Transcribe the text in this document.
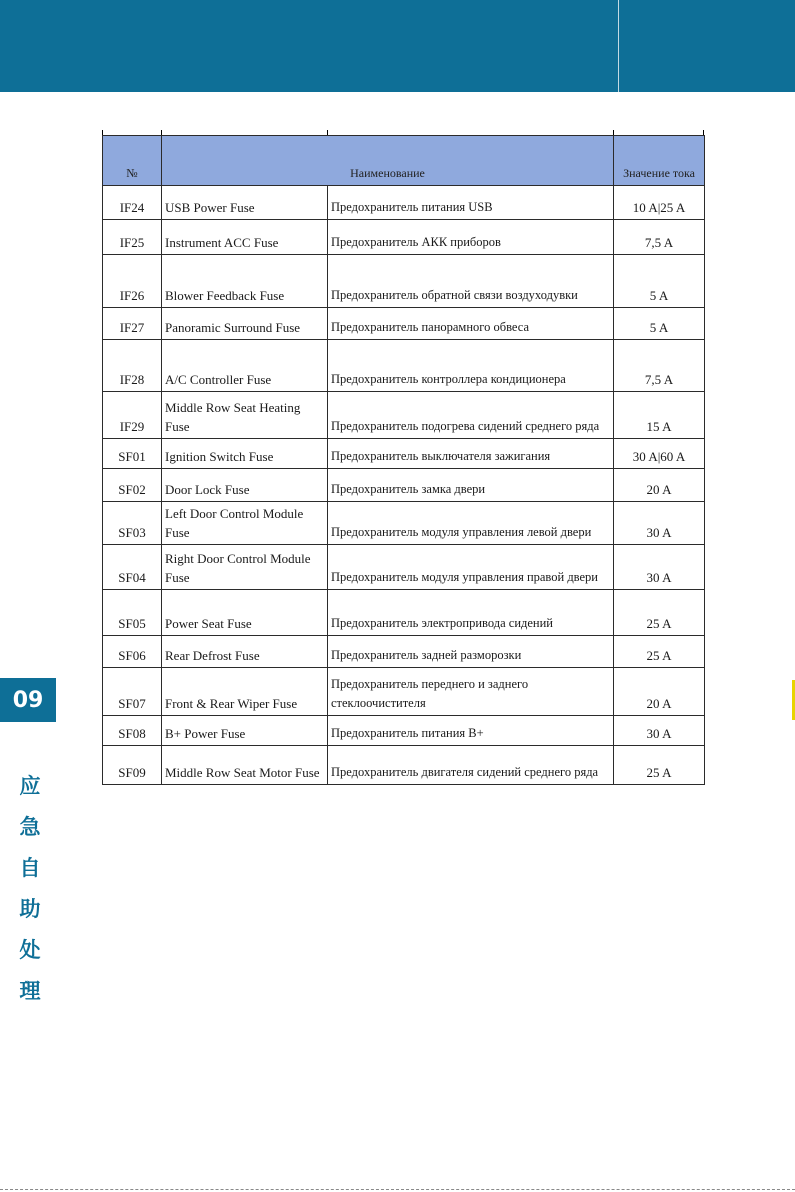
№	Наименование		Значение тока
IF24	USB Power Fuse	Предохранитель питания USB	10 A|25 A
IF25	Instrument ACC Fuse	Предохранитель АКК приборов	7,5 A
IF26	Blower Feedback Fuse	Предохранитель обратной связи воздуходувки	5 A
IF27	Panoramic Surround Fuse	Предохранитель панорамного обвеса	5 A
IF28	A/C Controller Fuse	Предохранитель контроллера кондиционера	7,5 A
IF29	Middle Row Seat Heating Fuse	Предохранитель подогрева сидений среднего ряда	15 A
SF01	Ignition Switch Fuse	Предохранитель выключателя зажигания	30 A|60 A
SF02	Door Lock Fuse	Предохранитель замка двери	20 A
SF03	Left Door Control Module Fuse	Предохранитель модуля управления левой двери	30 A
SF04	Right Door Control Module Fuse	Предохранитель модуля управления правой двери	30 A
SF05	Power Seat Fuse	Предохранитель электропривода сидений	25 A
SF06	Rear Defrost Fuse	Предохранитель задней разморозки	25 A
SF07	Front & Rear Wiper Fuse	Предохранитель переднего и заднего стеклоочистителя	20 A
SF08	B+ Power Fuse	Предохранитель питания B+	30 A
SF09	Middle Row Seat Motor Fuse	Предохранитель двигателя сидений среднего ряда	25 A
09
应
急
自
助
处
理
